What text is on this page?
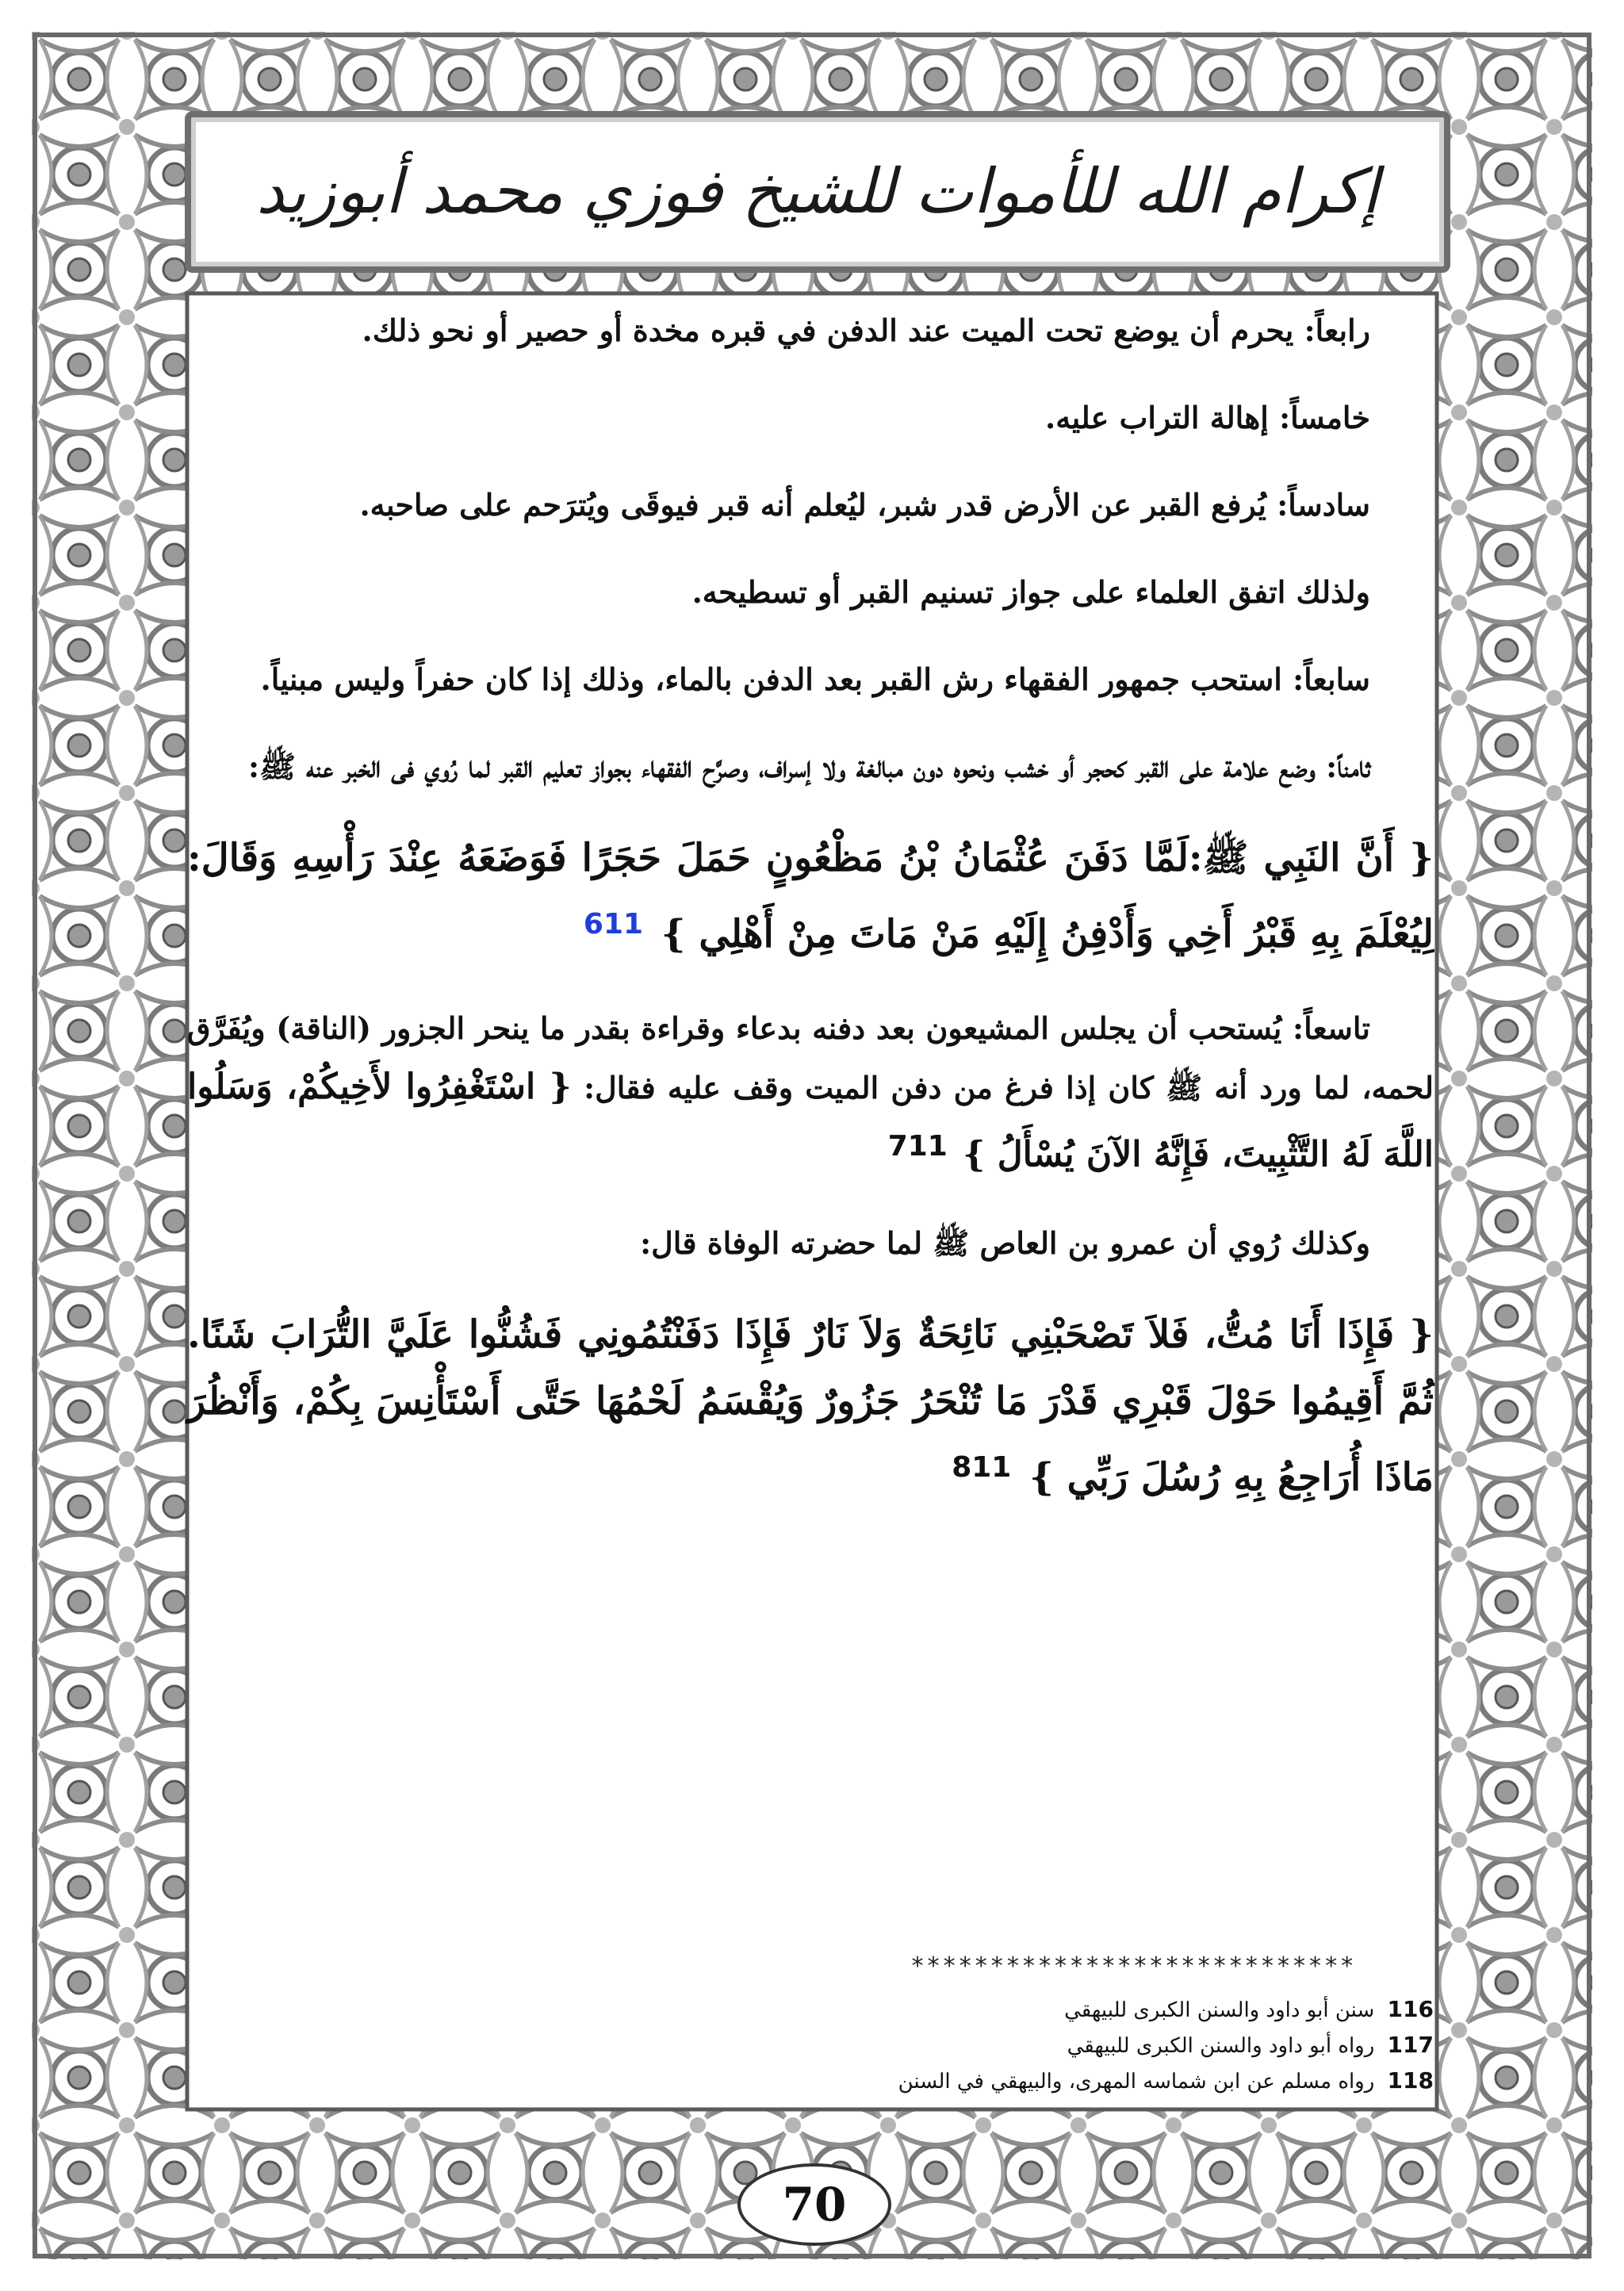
إكرام الله للأموات للشيخ فوزي محمد أبوزيد

رابعاً: يحرم أن يوضع تحت الميت عند الدفن في قبره مخدة أو حصير أو نحو ذلك.

خامساً: إهالة التراب عليه.

سادساً: يُرفع القبر عن الأرض قدر شبر، ليُعلم أنه قبر فيوقَى ويُترَحم على صاحبه.

ولذلك اتفق العلماء على جواز تسنيم القبر أو تسطيحه.

سابعاً: استحب جمهور الفقهاء رش القبر بعد الدفن بالماء، وذلك إذا كان حفراً وليس مبنياً.

ثامناً: وضع علامة على القبر كحجر أو خشب ونحوه دون مبالغة ولا إسراف، وصرَّح الفقهاء بجواز تعليم القبر لما رُوي فى الخبر عنه ﷺ:

{ أَنَّ النَبِي ﷺ:لَمَّا دَفَنَ عُثْمَانُ بْنُ مَظْعُونٍ حَمَلَ حَجَرًا فَوَضَعَهُ عِنْدَ رَأْسِهِ وَقَالَ: لِيُعْلَمَ بِهِ قَبْرُ أَخِي وَأَدْفِنُ إِلَيْهِ مَنْ مَاتَ مِنْ أَهْلِي } $^{611}$

تاسعاً: يُستحب أن يجلس المشيعون بعد دفنه بدعاء وقراءة بقدر ما ينحر الجزور (الناقة) ويُفَرَّق لحمه، لما ورد أنه ﷺ كان إذا فرغ من دفن الميت وقف عليه فقال: { اسْتَغْفِرُوا لأَخِيكُمْ، وَسَلُوا اللَّهَ لَهُ التَّثْبِيتَ، فَإِنَّهُ الآنَ يُسْأَلُ } 711

وكذلك رُوي أن عمرو بن العاص ﷺ لما حضرته الوفاة قال:

{ فَإِذَا أَنَا مُتُّ، فَلاَ تَصْحَبْنِي نَائِحَةٌ وَلاَ نَارٌ فَإِذَا دَفَنْتُمُونِي فَشُنُّوا عَلَيَّ التُّرَابَ شَنًا. ثُمَّ أَقِيمُوا حَوْلَ قَبْرِي قَدْرَ مَا تُنْحَرُ جَزُورٌ وَيُقْسَمُ لَحْمُهَا حَتَّى أَسْتَأْنِسَ بِكُمْ، وَأَنْظُرَ مَاذَا أُرَاجِعُ بِهِ رُسُلَ رَبِّي } $^{811}$

****************************
116 سنن أبو داود والسنن الكبرى للبيهقي
117 رواه أبو داود والسنن الكبرى للبيهقي
118 رواه مسلم عن ابن شماسه المهرى، والبيهقي في السنن
70
